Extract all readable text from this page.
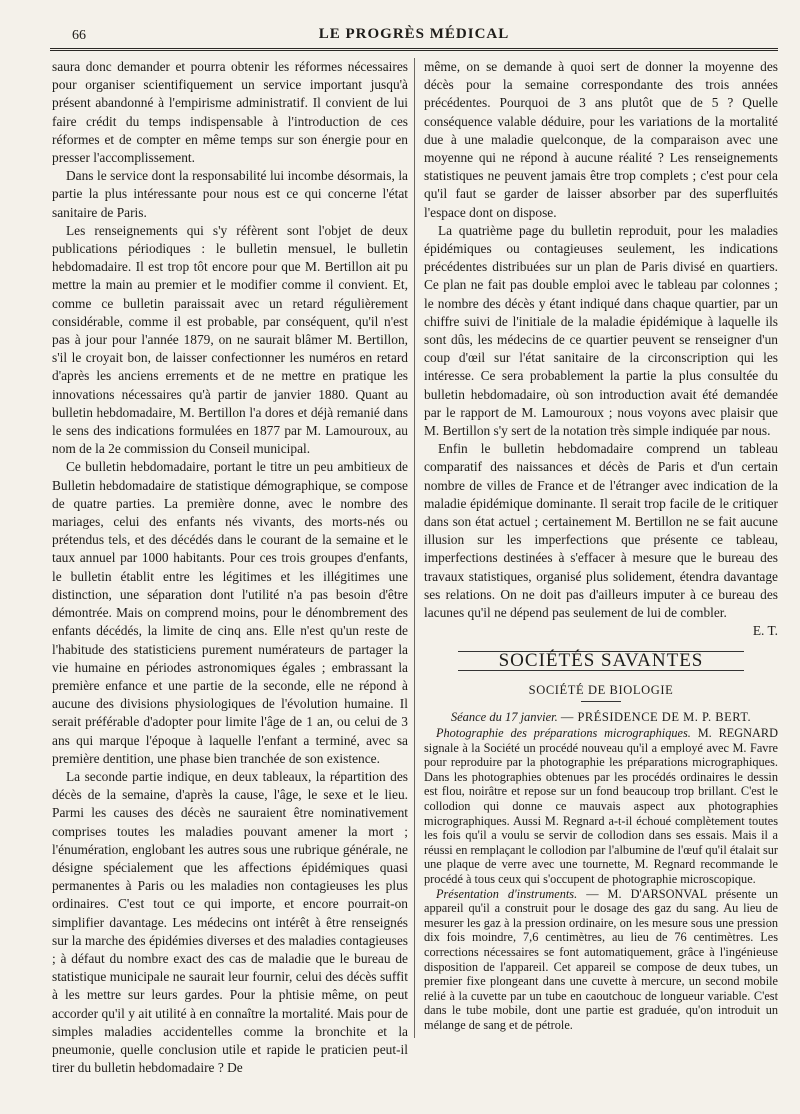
66	LE PROGRÈS MÉDICAL

saura donc demander et pourra obtenir les réformes nécessaires pour organiser scientifiquement un service important jusqu'à présent abandonné à l'empirisme administratif. Il convient de lui faire crédit du temps indispensable à l'introduction de ces réformes et de compter en même temps sur son énergie pour en presser l'accomplissement.

Dans le service dont la responsabilité lui incombe désormais, la partie la plus intéressante pour nous est ce qui concerne l'état sanitaire de Paris.

Les renseignements qui s'y réfèrent sont l'objet de deux publications périodiques : le bulletin mensuel, le bulletin hebdomadaire. Il est trop tôt encore pour que M. Bertillon ait pu mettre la main au premier et le modifier comme il convient. Et, comme ce bulletin paraissait avec un retard régulièrement considérable, comme il est probable, par conséquent, qu'il n'est pas à jour pour l'année 1879, on ne saurait blâmer M. Bertillon, s'il le croyait bon, de laisser confectionner les numéros en retard d'après les anciens errements et de ne mettre en pratique les innovations nécessaires qu'à partir de janvier 1880. Quant au bulletin hebdomadaire, M. Bertillon l'a dores et déjà remanié dans le sens des indications formulées en 1877 par M. Lamouroux, au nom de la 2e commission du Conseil municipal.

Ce bulletin hebdomadaire, portant le titre un peu ambitieux de Bulletin hebdomadaire de statistique démographique, se compose de quatre parties. La première donne, avec le nombre des mariages, celui des enfants nés vivants, des morts-nés ou prétendus tels, et des décédés dans le courant de la semaine et le taux annuel par 1000 habitants. Pour ces trois groupes d'enfants, le bulletin établit entre les légitimes et les illégitimes une distinction, une séparation dont l'utilité n'a pas besoin d'être démontrée. Mais on comprend moins, pour le dénombrement des enfants décédés, la limite de cinq ans. Elle n'est qu'un reste de l'habitude des statisticiens purement numérateurs de partager la vie humaine en périodes astronomiques égales ; embrassant la première enfance et une partie de la seconde, elle ne répond à aucune des divisions physiologiques de l'évolution humaine. Il serait préférable d'adopter pour limite l'âge de 1 an, ou celui de 3 ans qui marque l'époque à laquelle l'enfant a terminé, avec sa première dentition, une phase bien tranchée de son existence.

La seconde partie indique, en deux tableaux, la répartition des décès de la semaine, d'après la cause, l'âge, le sexe et le lieu. Parmi les causes des décès ne sauraient être nominativement comprises toutes les maladies pouvant amener la mort ; l'énumération, englobant les autres sous une rubrique générale, ne désigne spécialement que les affections épidémiques quasi permanentes à Paris ou les maladies non contagieuses les plus ordinaires. C'est tout ce qui importe, et encore pourrait-on simplifier davantage. Les médecins ont intérêt à être renseignés sur la marche des épidémies diverses et des maladies contagieuses ; à défaut du nombre exact des cas de maladie que le bureau de statistique municipale ne saurait leur fournir, celui des décès suffit à les mettre sur leurs gardes. Pour la phtisie même, on peut accorder qu'il y ait utilité à en connaître la mortalité. Mais pour de simples maladies accidentelles comme la bronchite et la pneumonie, quelle conclusion utile et rapide le praticien peut-il tirer du bulletin hebdomadaire ? De

même, on se demande à quoi sert de donner la moyenne des décès pour la semaine correspondante des trois années précédentes. Pourquoi de 3 ans plutôt que de 5 ? Quelle conséquence valable déduire, pour les variations de la mortalité due à une maladie quelconque, de la comparaison avec une moyenne qui ne répond à aucune réalité ? Les renseignements statistiques ne peuvent jamais être trop complets ; c'est pour cela qu'il faut se garder de laisser absorber par des superfluités l'espace dont on dispose.

La quatrième page du bulletin reproduit, pour les maladies épidémiques ou contagieuses seulement, les indications précédentes distribuées sur un plan de Paris divisé en quartiers. Ce plan ne fait pas double emploi avec le tableau par colonnes ; le nombre des décès y étant indiqué dans chaque quartier, par un chiffre suivi de l'initiale de la maladie épidémique à laquelle ils sont dûs, les médecins de ce quartier peuvent se renseigner d'un coup d'œil sur l'état sanitaire de la circonscription qui les intéresse. Ce sera probablement la partie la plus consultée du bulletin hebdomadaire, où son introduction avait été demandée par le rapport de M. Lamouroux ; nous voyons avec plaisir que M. Bertillon s'y sert de la notation très simple indiquée par nous.

Enfin le bulletin hebdomadaire comprend un tableau comparatif des naissances et décès de Paris et d'un certain nombre de villes de France et de l'étranger avec indication de la maladie épidémique dominante. Il serait trop facile de le critiquer dans son état actuel ; certainement M. Bertillon ne se fait aucune illusion sur les imperfections que présente ce tableau, imperfections destinées à s'effacer à mesure que le bureau des travaux statistiques, organisé plus solidement, étendra davantage ses relations. On ne doit pas d'ailleurs imputer à ce bureau des lacunes qu'il ne dépend pas seulement de lui de combler.

E. T.

SOCIÉTÉS SAVANTES

SOCIÉTÉ DE BIOLOGIE

Séance du 17 janvier. — PRÉSIDENCE DE M. P. BERT.

Photographie des préparations micrographiques. M. REGNARD signale à la Société un procédé nouveau qu'il a employé avec M. Favre pour reproduire par la photographie les préparations micrographiques. Dans les photographies obtenues par les procédés ordinaires le dessin est flou, noirâtre et repose sur un fond beaucoup trop brillant. C'est le collodion qui donne ce mauvais aspect aux photographies micrographiques. Aussi M. Regnard a-t-il échoué complètement toutes les fois qu'il a voulu se servir de collodion dans ses essais. Mais il a réussi en remplaçant le collodion par l'albumine de l'œuf qu'il étalait sur une plaque de verre avec une tournette, M. Regnard recommande le procédé à tous ceux qui s'occupent de photographie microscopique.

Présentation d'instruments. — M. D'ARSONVAL présente un appareil qu'il a construit pour le dosage des gaz du sang. Au lieu de mesurer les gaz à la pression ordinaire, on les mesure sous une pression dix fois moindre, 7,6 centimètres, au lieu de 76 centimètres. Les corrections nécessaires se font automatiquement, grâce à l'ingénieuse disposition de l'appareil. Cet appareil se compose de deux tubes, un premier fixe plongeant dans une cuvette à mercure, un second mobile relié à la cuvette par un tube en caoutchouc de longueur variable. C'est dans le tube mobile, dont une partie est graduée, qu'on introduit un mélange de sang et de pétrole.
